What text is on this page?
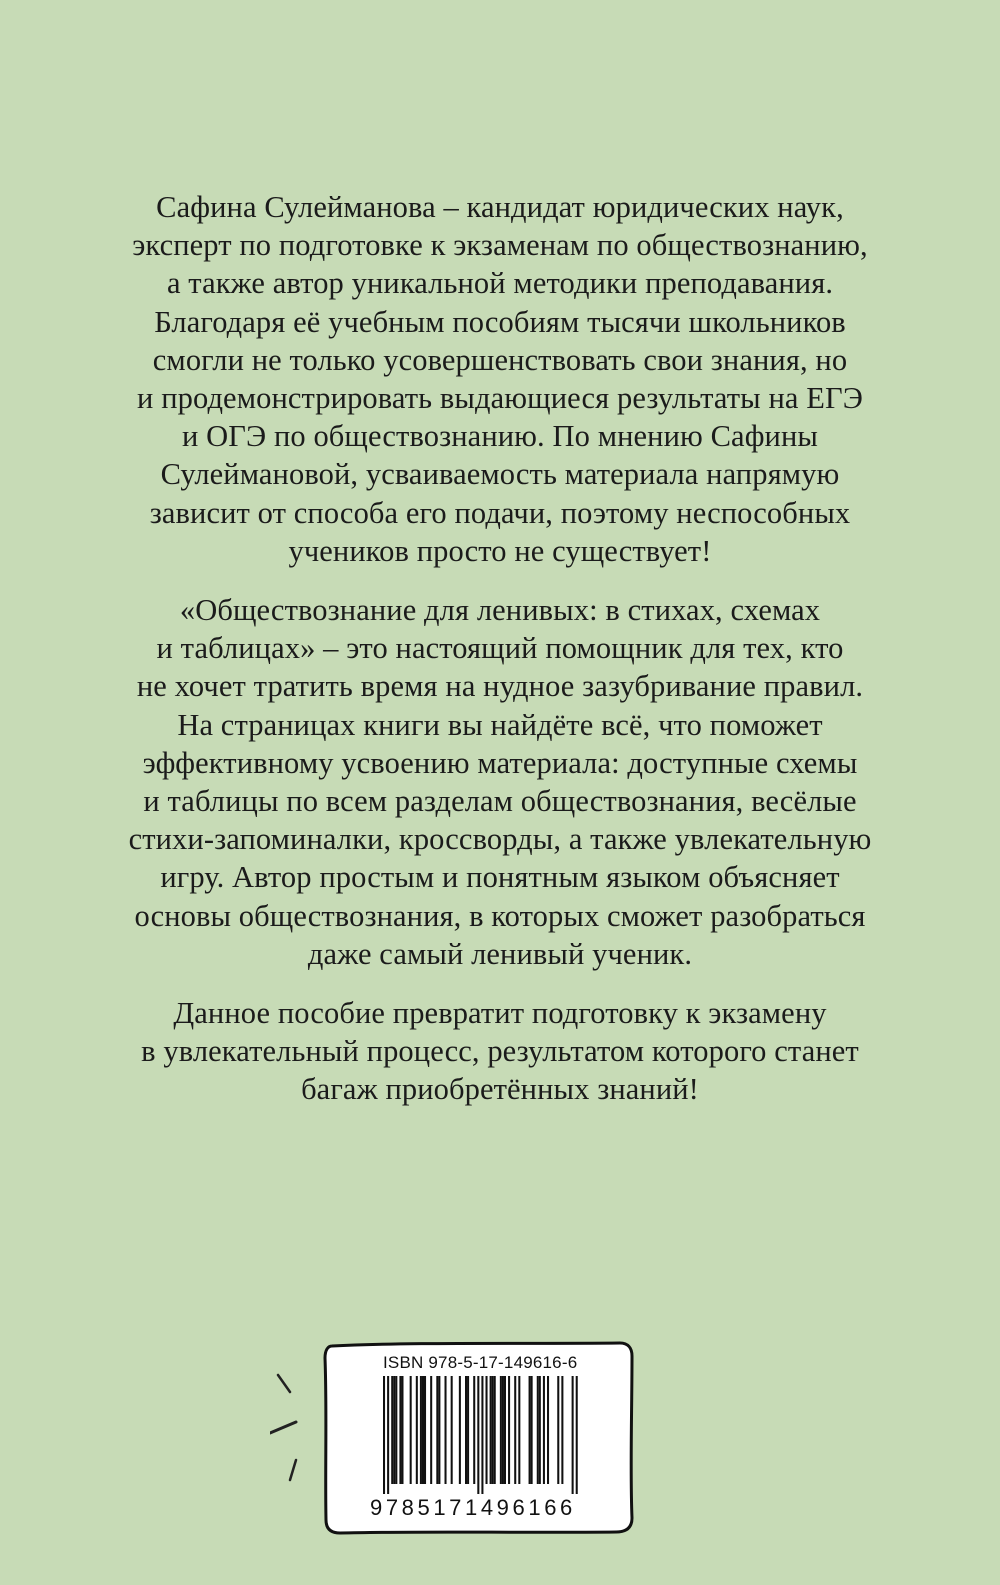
Сафина Сулейманова – кандидат юридических наук,
эксперт по подготовке к экзаменам по обществознанию,
а также автор уникальной методики преподавания.
Благодаря её учебным пособиям тысячи школьников
смогли не только усовершенствовать свои знания, но
и продемонстрировать выдающиеся результаты на ЕГЭ
и ОГЭ по обществознанию. По мнению Сафины
Сулеймановой, усваиваемость материала напрямую
зависит от способа его подачи, поэтому неспособных
учеников просто не существует!

«Обществознание для ленивых: в стихах, схемах
и таблицах» – это настоящий помощник для тех, кто
не хочет тратить время на нудное зазубривание правил.
На страницах книги вы найдёте всё, что поможет
эффективному усвоению материала: доступные схемы
и таблицы по всем разделам обществознания, весёлые
стихи-запоминалки, кроссворды, а также увлекательную
игру. Автор простым и понятным языком объясняет
основы обществознания, в которых сможет разобраться
даже самый ленивый ученик.

Данное пособие превратит подготовку к экзамену
в увлекательный процесс, результатом которого станет
багаж приобретённых знаний!

ISBN 978-5-17-149616-6
9785171496166
